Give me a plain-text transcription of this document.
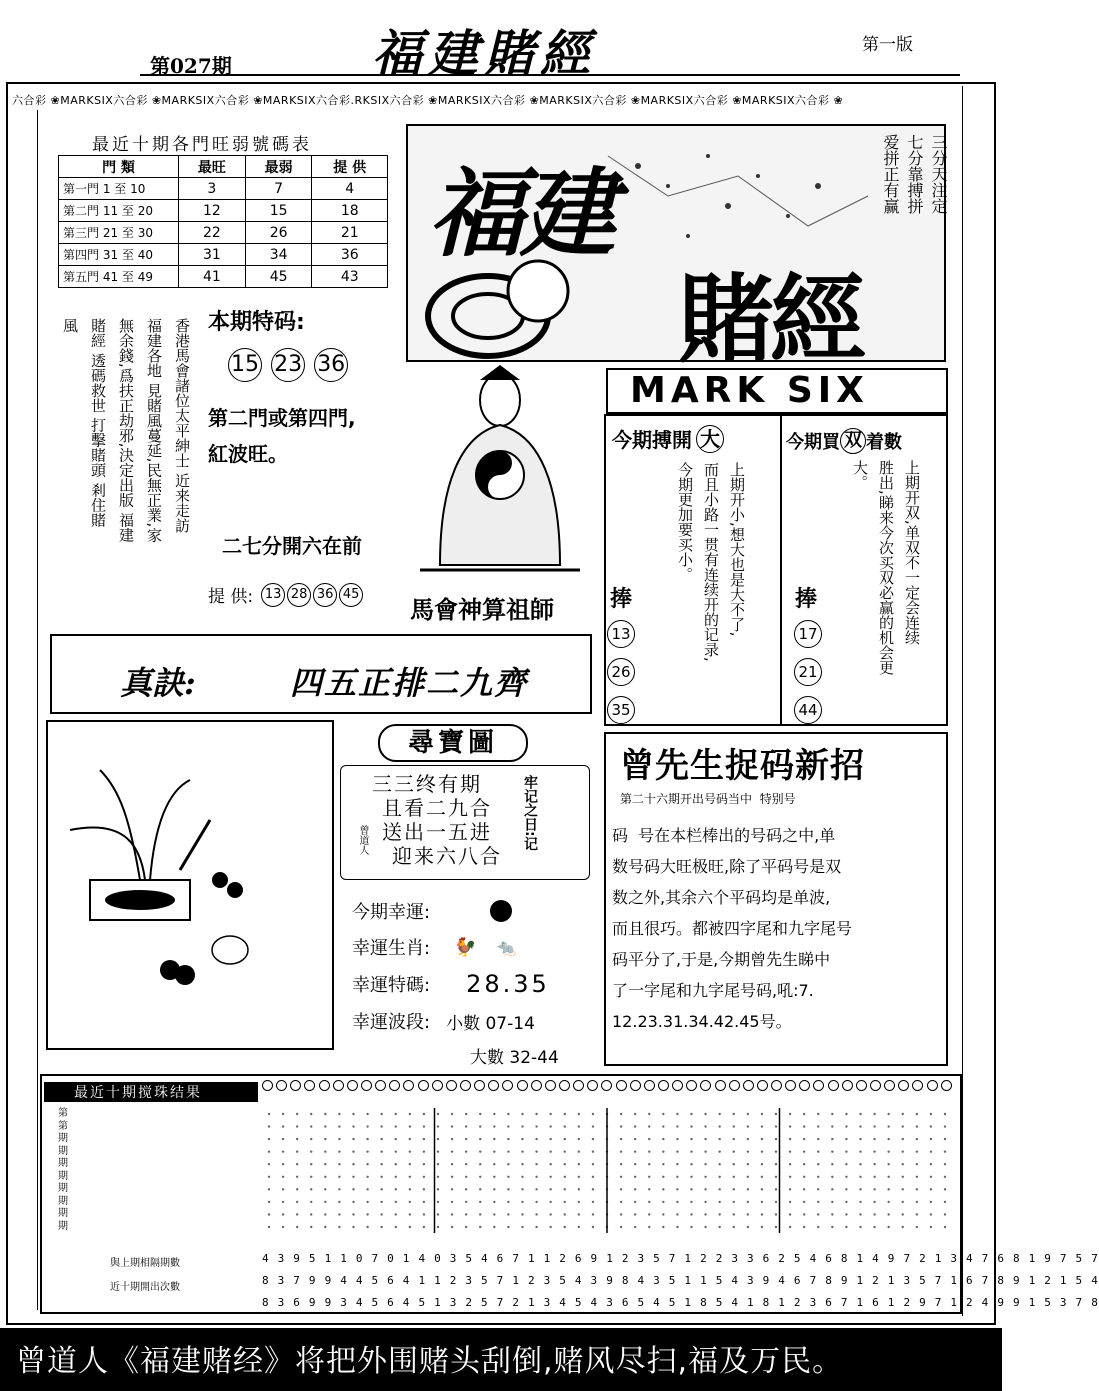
第027期	福建賭經	第一版
六合彩 ❀MARKSIX六合彩 ❀MARKSIX六合彩 ❀MARKSIX六合彩.RKSIX六合彩 ❀MARKSIX六合彩 ❀MARKSIX六合彩 ❀MARKSIX六合彩 ❀MARKSIX六合彩 ❀
最近十期各門旺弱號碼表
門 類	最旺	最弱	提 供
第一門 1 至 10	3	7	4
第二門 11 至 20	12	15	18
第三門 21 至 30	22	26	21
第四門 31 至 40	31	34	36
第五門 41 至 49	41	45	43
福建
賭經
三分天注定
七分靠搏拼
爱拼正有赢
本期特码:
15 23 36
第二門或第四門,
紅波旺。
二七分開六在前
提 供: 13 28 36 45
香港馬會諸位太平紳士 近来走訪
福建各地 見賭風蔓延,民無正業,家
無余錢,爲扶正劫邪,決定出版 福建
賭經 透碼救世 打擊賭頭 剎住賭
風
馬會神算祖師
MARK SIX
今期搏開 大
上期开小,想大也是大不了,
而且小路一贯有连续开的记录,
今期更加要买小。
捧
13
26
35
今期買 双 着數
上期开双,单双不一定会连续
胜出,睇来今次买双必赢的机会更
大。
捧
17
21
44
真訣:	四五正排二九齊
尋寶圖
三三终有期
且看二九合
送出一五进
迎来六八合
牢记之日:记
曾道人
今期幸運:
幸運生肖: 🐓 🐀
幸運特碼: 28.35
幸運波段: 小數 07-14
大數 32-44
曾先生捉码新招
第二十六期开出号码当中  特别号
码  号在本栏棒出的号码之中,单
数号码大旺极旺,除了平码号是双
数之外,其余六个平码均是单波,
而且很巧。都被四字尾和九字尾号
码平分了,于是,今期曾先生睇中
了一字尾和九字尾号码,吼:7.
12.23.31.34.42.45号。
最近十期搅珠结果
第
第
期
期
期
期
期
期
期
期
與上期相隔期數
近十期開出次數
4 3 9 5 1 1 0 7 0 1 4 0 3 5 4 6 7 1 1 2 6 9 1 2 3 5 7 1 2 2 3 3 6 2 5 4 6 8 1 4 9 7 2 1 3 4 7 6 8 1 9 7 5 7
8 3 7 9 9 4 4 5 6 4 1 1 2 3 5 7 1 2 3 5 4 3 9 8 4 3 5 1 1 5 4 3 9 4 6 7 8 9 1 2 1 3 5 7 1 6 7 8 9 1 2 1 5 4
8 3 6 9 9 3 4 5 6 4 5 1 3 2 5 7 2 1 3 4 5 4 3 6 5 4 5 1 8 5 4 1 8 1 2 3 6 7 1 6 1 2 9 7 1 2 4 9 9 1 5 3 7 8
曾道人《福建赌经》将把外围赌头刮倒,赌风尽扫,福及万民。
